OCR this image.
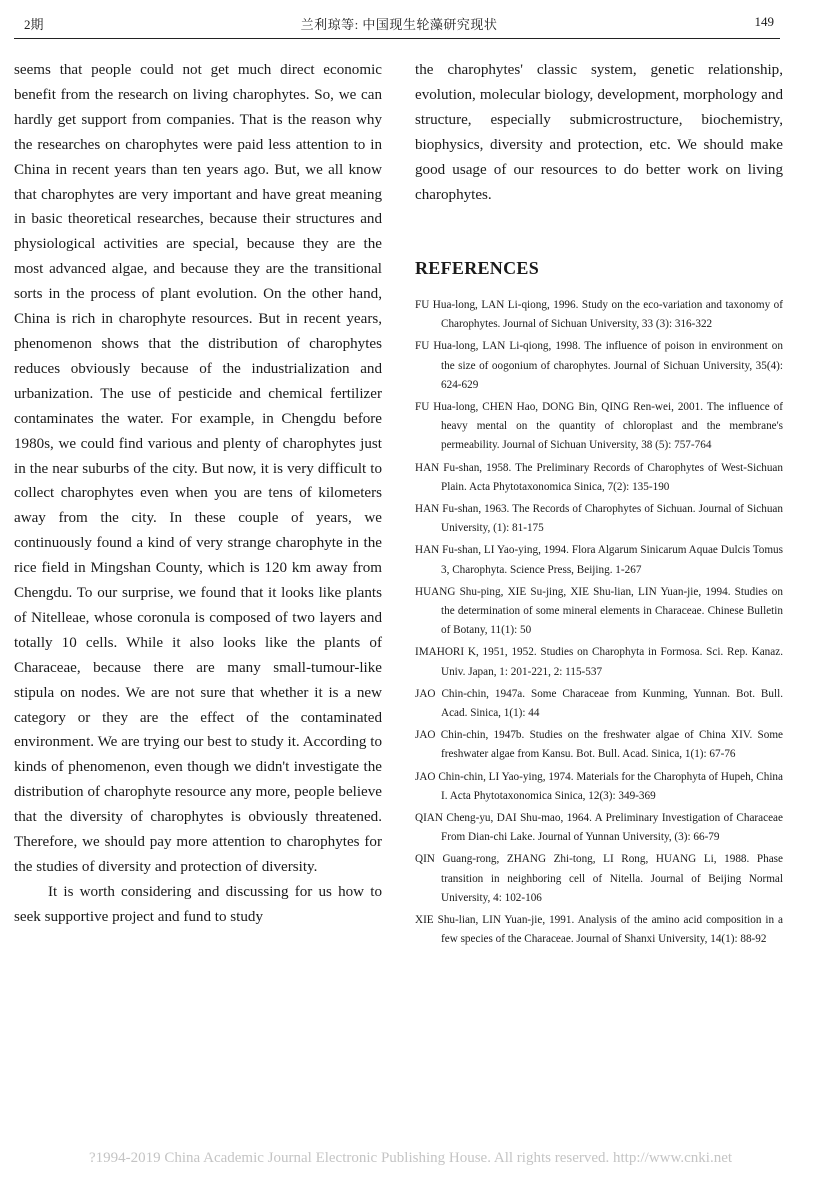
2期	兰利琼等: 中国现生轮藻研究现状	149

seems that people could not get much direct economic benefit from the research on living charophytes. So, we can hardly get support from companies. That is the reason why the researches on charophytes were paid less attention to in China in recent years than ten years ago. But, we all know that charophytes are very important and have great meaning in basic theoretical researches, because their structures and physiological activities are special, because they are the most advanced algae, and because they are the transitional sorts in the process of plant evolution. On the other hand, China is rich in charophyte resources. But in recent years, phenomenon shows that the distribution of charophytes reduces obviously because of the industrialization and urbanization. The use of pesticide and chemical fertilizer contaminates the water. For example, in Chengdu before 1980s, we could find various and plenty of charophytes just in the near suburbs of the city. But now, it is very difficult to collect charophytes even when you are tens of kilometers away from the city. In these couple of years, we continuously found a kind of very strange charophyte in the rice field in Mingshan County, which is 120 km away from Chengdu. To our surprise, we found that it looks like plants of Nitelleae, whose coronula is composed of two layers and totally 10 cells. While it also looks like the plants of Characeae, because there are many small-tumour-like stipula on nodes. We are not sure that whether it is a new category or they are the effect of the contaminated environment. We are trying our best to study it. According to kinds of phenomenon, even though we didn't investigate the distribution of charophyte resource any more, people believe that the diversity of charophytes is obviously threatened. Therefore, we should pay more attention to charophytes for the studies of diversity and protection of diversity.

It is worth considering and discussing for us how to seek supportive project and fund to study

the charophytes' classic system, genetic relationship, evolution, molecular biology, development, morphology and structure, especially submicrostructure, biochemistry, biophysics, diversity and protection, etc. We should make good usage of our resources to do better work on living charophytes.

REFERENCES
FU Hua-long, LAN Li-qiong, 1996. Study on the eco-variation and taxonomy of Charophytes. Journal of Sichuan University, 33 (3): 316-322
FU Hua-long, LAN Li-qiong, 1998. The influence of poison in environment on the size of oogonium of charophytes. Journal of Sichuan University, 35(4): 624-629
FU Hua-long, CHEN Hao, DONG Bin, QING Ren-wei, 2001. The influence of heavy mental on the quantity of chloroplast and the membrane's permeability. Journal of Sichuan University, 38 (5): 757-764
HAN Fu-shan, 1958. The Preliminary Records of Charophytes of West-Sichuan Plain. Acta Phytotaxonomica Sinica, 7(2): 135-190
HAN Fu-shan, 1963. The Records of Charophytes of Sichuan. Journal of Sichuan University, (1): 81-175
HAN Fu-shan, LI Yao-ying, 1994. Flora Algarum Sinicarum Aquae Dulcis Tomus 3, Charophyta. Science Press, Beijing. 1-267
HUANG Shu-ping, XIE Su-jing, XIE Shu-lian, LIN Yuan-jie, 1994. Studies on the determination of some mineral elements in Characeae. Chinese Bulletin of Botany, 11(1): 50
IMAHORI K, 1951, 1952. Studies on Charophyta in Formosa. Sci. Rep. Kanaz. Univ. Japan, 1: 201-221, 2: 115-537
JAO Chin-chin, 1947a. Some Characeae from Kunming, Yunnan. Bot. Bull. Acad. Sinica, 1(1): 44
JAO Chin-chin, 1947b. Studies on the freshwater algae of China XIV. Some freshwater algae from Kansu. Bot. Bull. Acad. Sinica, 1(1): 67-76
JAO Chin-chin, LI Yao-ying, 1974. Materials for the Charophyta of Hupeh, China I. Acta Phytotaxonomica Sinica, 12(3): 349-369
QIAN Cheng-yu, DAI Shu-mao, 1964. A Preliminary Investigation of Characeae From Dian-chi Lake. Journal of Yunnan University, (3): 66-79
QIN Guang-rong, ZHANG Zhi-tong, LI Rong, HUANG Li, 1988. Phase transition in neighboring cell of Nitella. Journal of Beijing Normal University, 4: 102-106
XIE Shu-lian, LIN Yuan-jie, 1991. Analysis of the amino acid composition in a few species of the Characeae. Journal of Shanxi University, 14(1): 88-92
?1994-2019 China Academic Journal Electronic Publishing House. All rights reserved. http://www.cnki.net
